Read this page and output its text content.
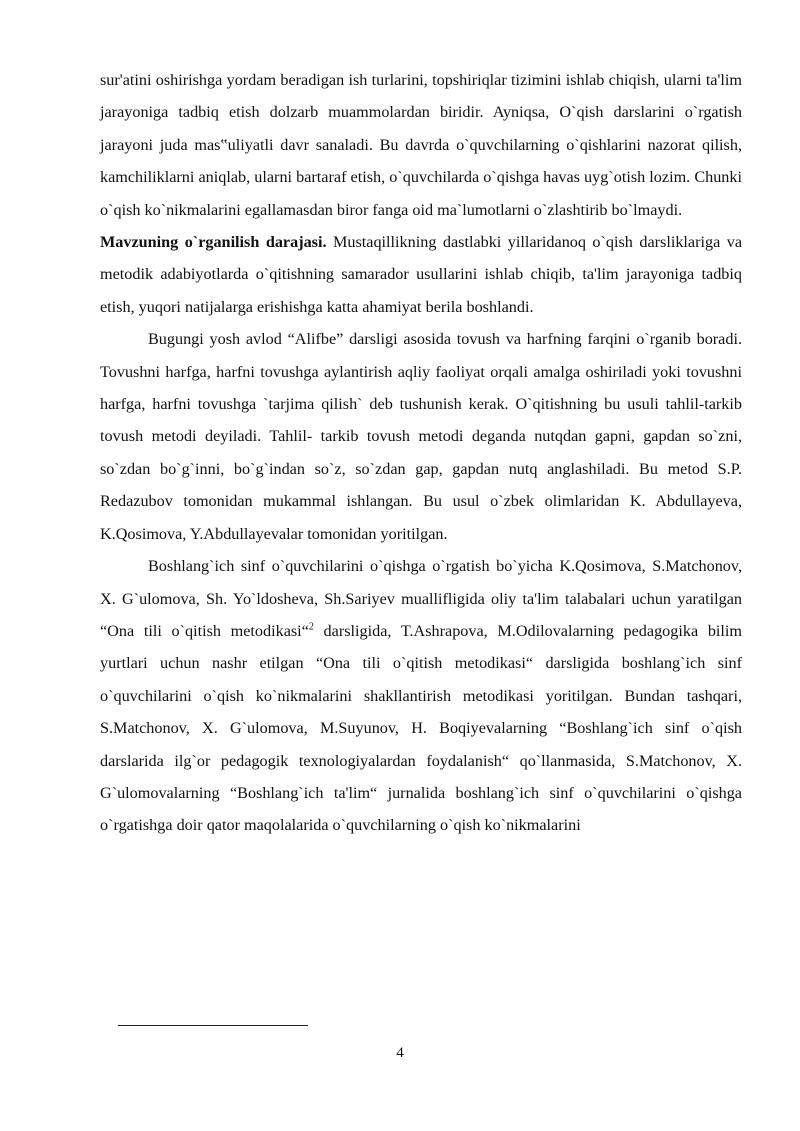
sur'atini oshirishga yordam beradigan ish turlarini, topshiriqlar tizimini ishlab chiqish, ularni ta'lim jarayoniga tadbiq etish dolzarb muammolardan biridir. Ayniqsa, O`qish darslarini o`rgatish jarayoni juda mas‟uliyatli davr sanaladi. Bu davrda o`quvchilarning o`qishlarini nazorat qilish, kamchiliklarni aniqlab, ularni bartaraf etish, o`quvchilarda o`qishga havas uyg`otish lozim. Chunki o`qish ko`nikmalarini egallamasdan biror fanga oid ma`lumotlarni o`zlashtirib bo`lmaydi.

Mavzuning o`rganilish darajasi. Mustaqillikning dastlabki yillaridanoq o`qish darsliklariga va metodik adabiyotlarda o`qitishning samarador usullarini ishlab chiqib, ta'lim jarayoniga tadbiq etish, yuqori natijalarga erishishga katta ahamiyat berila boshlandi.

Bugungi yosh avlod “Alifbe” darsligi asosida tovush va harfning farqini o`rganib boradi. Tovushni harfga, harfni tovushga aylantirish aqliy faoliyat orqali amalga oshiriladi yoki tovushni harfga, harfni tovushga `tarjima qilish` deb tushunish kerak. O`qitishning bu usuli tahlil-tarkib tovush metodi deyiladi. Tahlil- tarkib tovush metodi deganda nutqdan gapni, gapdan so`zni, so`zdan bo`g`inni, bo`g`indan so`z, so`zdan gap, gapdan nutq anglashiladi. Bu metod S.P. Redazubov tomonidan mukammal ishlangan. Bu usul o`zbek olimlaridan K. Abdullayeva, K.Qosimova, Y.Abdullayevalar tomonidan yoritilgan.

Boshlang`ich sinf o`quvchilarini o`qishga o`rgatish bo`yicha K.Qosimova, S.Matchonov, X. G`ulomova, Sh. Yo`ldosheva, Sh.Sariyev muallifligida oliy ta'lim talabalari uchun yaratilgan “Ona tili o`qitish metodikasi“$^2$ darsligida, T.Ashrapova, M.Odilovalarning pedagogika bilim yurtlari uchun nashr etilgan “Ona tili o`qitish metodikasi“ darsligida boshlang`ich sinf o`quvchilarini o`qish ko`nikmalarini shakllantirish metodikasi yoritilgan. Bundan tashqari, S.Matchonov, X. G`ulomova, M.Suyunov, H. Boqiyevalarning “Boshlang`ich sinf o`qish darslarida ilg`or pedagogik texnologiyalardan foydalanish“ qo`llanmasida, S.Matchonov, X. G`ulomovalarning “Boshlang`ich ta'lim“ jurnalida boshlang`ich sinf o`quvchilarini o`qishga o`rgatishga doir qator maqolalarida o`quvchilarning o`qish ko`nikmalarini

4
